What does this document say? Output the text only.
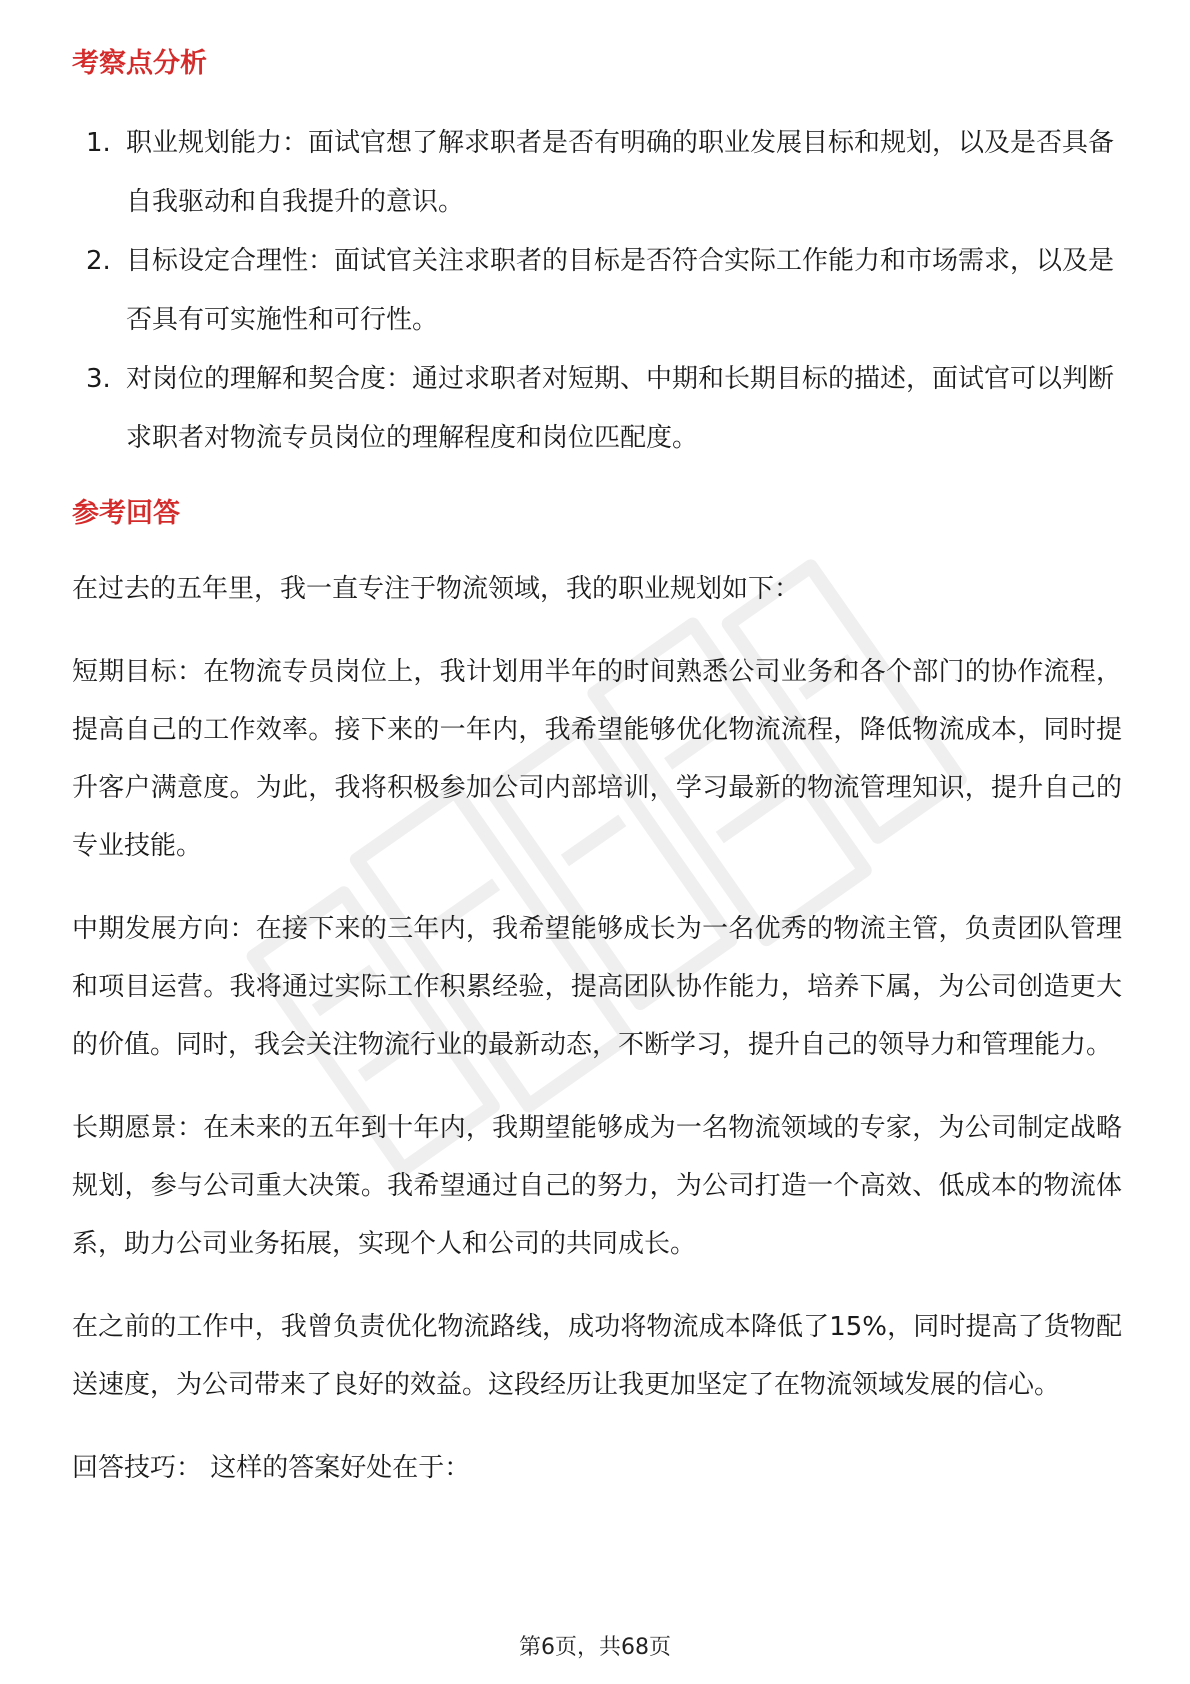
考察点分析
1. 职业规划能力：面试官想了解求职者是否有明确的职业发展目标和规划，以及是否具备自我驱动和自我提升的意识。
2. 目标设定合理性：面试官关注求职者的目标是否符合实际工作能力和市场需求，以及是否具有可实施性和可行性。
3. 对岗位的理解和契合度：通过求职者对短期、中期和长期目标的描述，面试官可以判断求职者对物流专员岗位的理解程度和岗位匹配度。
参考回答

在过去的五年里，我一直专注于物流领域，我的职业规划如下：

短期目标：在物流专员岗位上，我计划用半年的时间熟悉公司业务和各个部门的协作流程，提高自己的工作效率。接下来的一年内，我希望能够优化物流流程，降低物流成本，同时提升客户满意度。为此，我将积极参加公司内部培训，学习最新的物流管理知识，提升自己的专业技能。

中期发展方向：在接下来的三年内，我希望能够成长为一名优秀的物流主管，负责团队管理和项目运营。我将通过实际工作积累经验，提高团队协作能力，培养下属，为公司创造更大的价值。同时，我会关注物流行业的最新动态，不断学习，提升自己的领导力和管理能力。

长期愿景：在未来的五年到十年内，我期望能够成为一名物流领域的专家，为公司制定战略规划，参与公司重大决策。我希望通过自己的努力，为公司打造一个高效、低成本的物流体系，助力公司业务拓展，实现个人和公司的共同成长。

在之前的工作中，我曾负责优化物流路线，成功将物流成本降低了15%，同时提高了货物配送速度，为公司带来了良好的效益。这段经历让我更加坚定了在物流领域发展的信心。

回答技巧： 这样的答案好处在于：

第6页，共68页
